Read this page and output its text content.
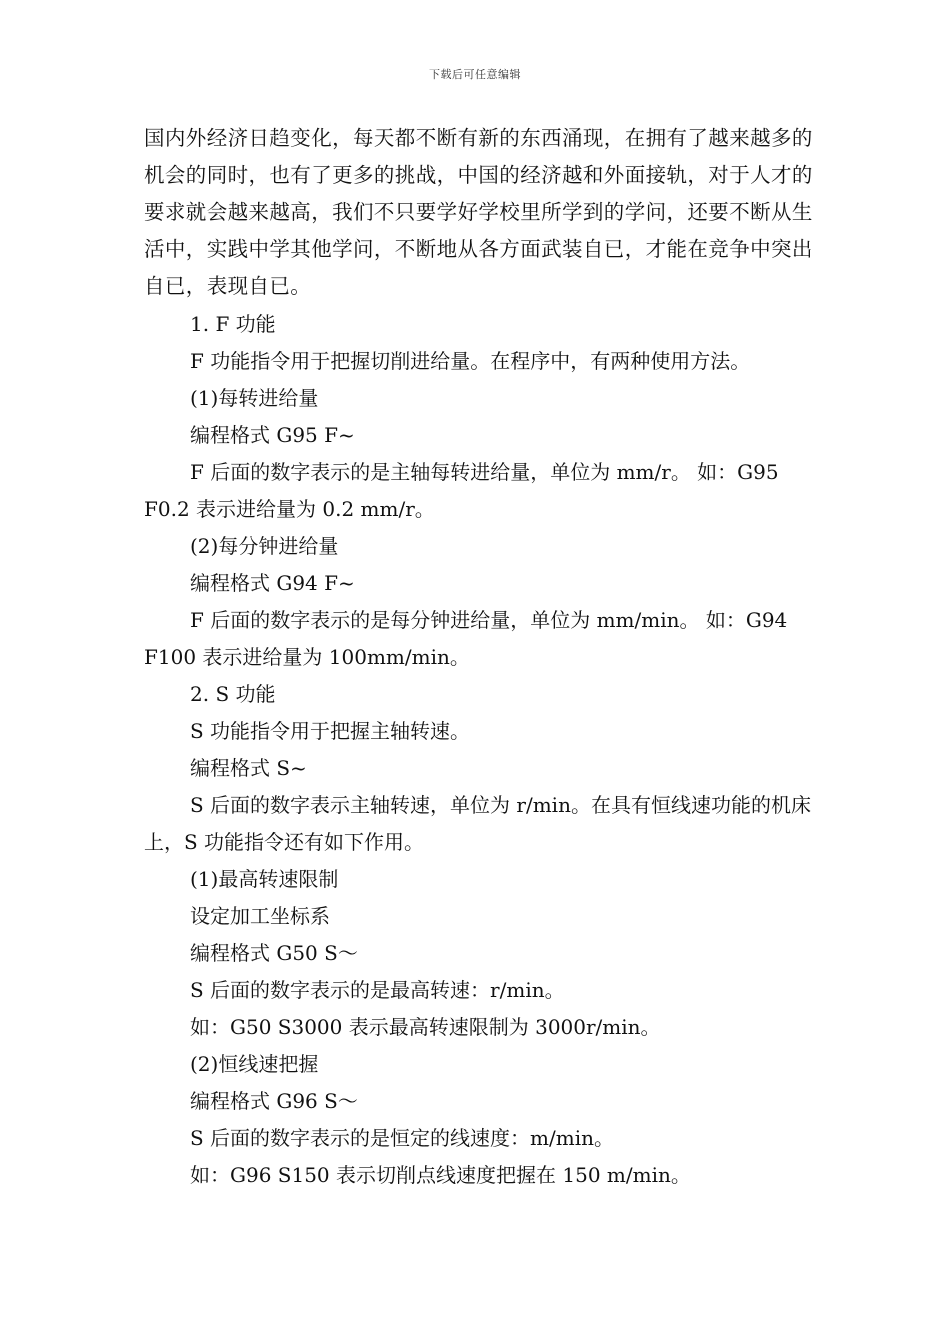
下载后可任意编辑

国内外经济日趋变化，每天都不断有新的东西涌现，在拥有了越来越多的机会的同时，也有了更多的挑战，中国的经济越和外面接轨，对于人才的要求就会越来越高，我们不只要学好学校里所学到的学问，还要不断从生活中，实践中学其他学问，不断地从各方面武装自已，才能在竞争中突出自已，表现自已。

1. F 功能

F 功能指令用于把握切削进给量。在程序中，有两种使用方法。

(1)每转进给量

编程格式 G95 F~

F 后面的数字表示的是主轴每转进给量，单位为 mm/r。 如：G95 F0.2 表示进给量为 0.2 mm/r。

(2)每分钟进给量

编程格式 G94 F~

F 后面的数字表示的是每分钟进给量，单位为 mm/min。 如：G94 F100 表示进给量为 100mm/min。

2. S 功能

S 功能指令用于把握主轴转速。

编程格式 S~

S 后面的数字表示主轴转速，单位为 r/min。在具有恒线速功能的机床上，S 功能指令还有如下作用。

(1)最高转速限制

设定加工坐标系

编程格式 G50 S～

S 后面的数字表示的是最高转速：r/min。

如：G50 S3000 表示最高转速限制为 3000r/min。

(2)恒线速把握

编程格式 G96 S～

S 后面的数字表示的是恒定的线速度：m/min。

如：G96 S150 表示切削点线速度把握在 150 m/min。
